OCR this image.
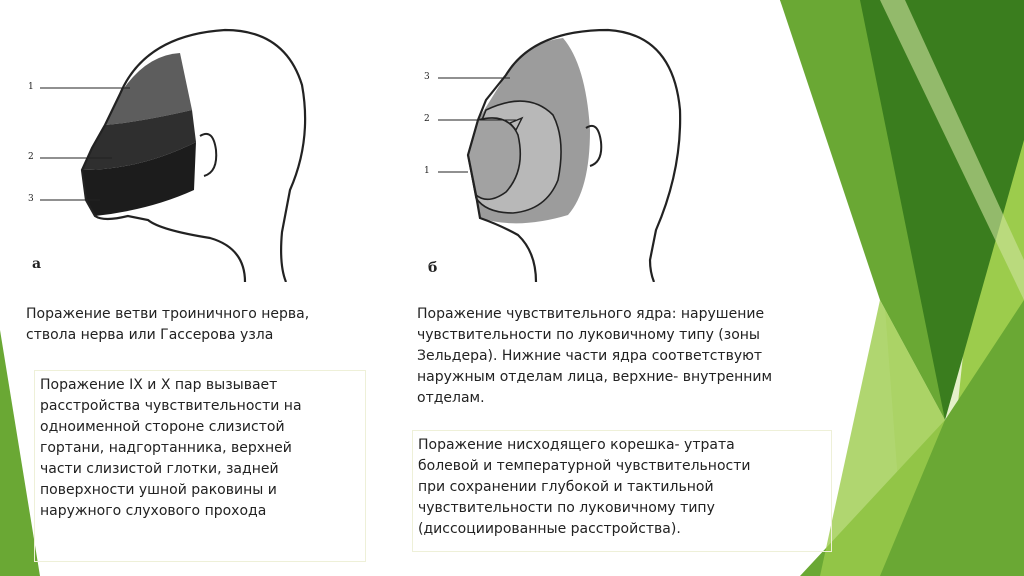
1
2
3
а
3
2
1
б

Поражение ветви троиничного нерва,
ствола нерва или Гассерова узла

Поражение чувствительного ядра: нарушение
чувствительности по луковичному типу (зоны
Зельдера). Нижние части ядра соответствуют
наружным отделам лица, верхние- внутренним
отделам.

Поражение IX и X пар вызывает
расстройства чувствительности на
одноименной стороне слизистой
гортани, надгортанника, верхней
части слизистой глотки, задней
поверхности ушной раковины и
наружного слухового прохода

Поражение нисходящего корешка- утрата
болевой и температурной чувствительности
при сохранении глубокой и тактильной
чувствительности по луковичному типу
(диссоциированные расстройства).
